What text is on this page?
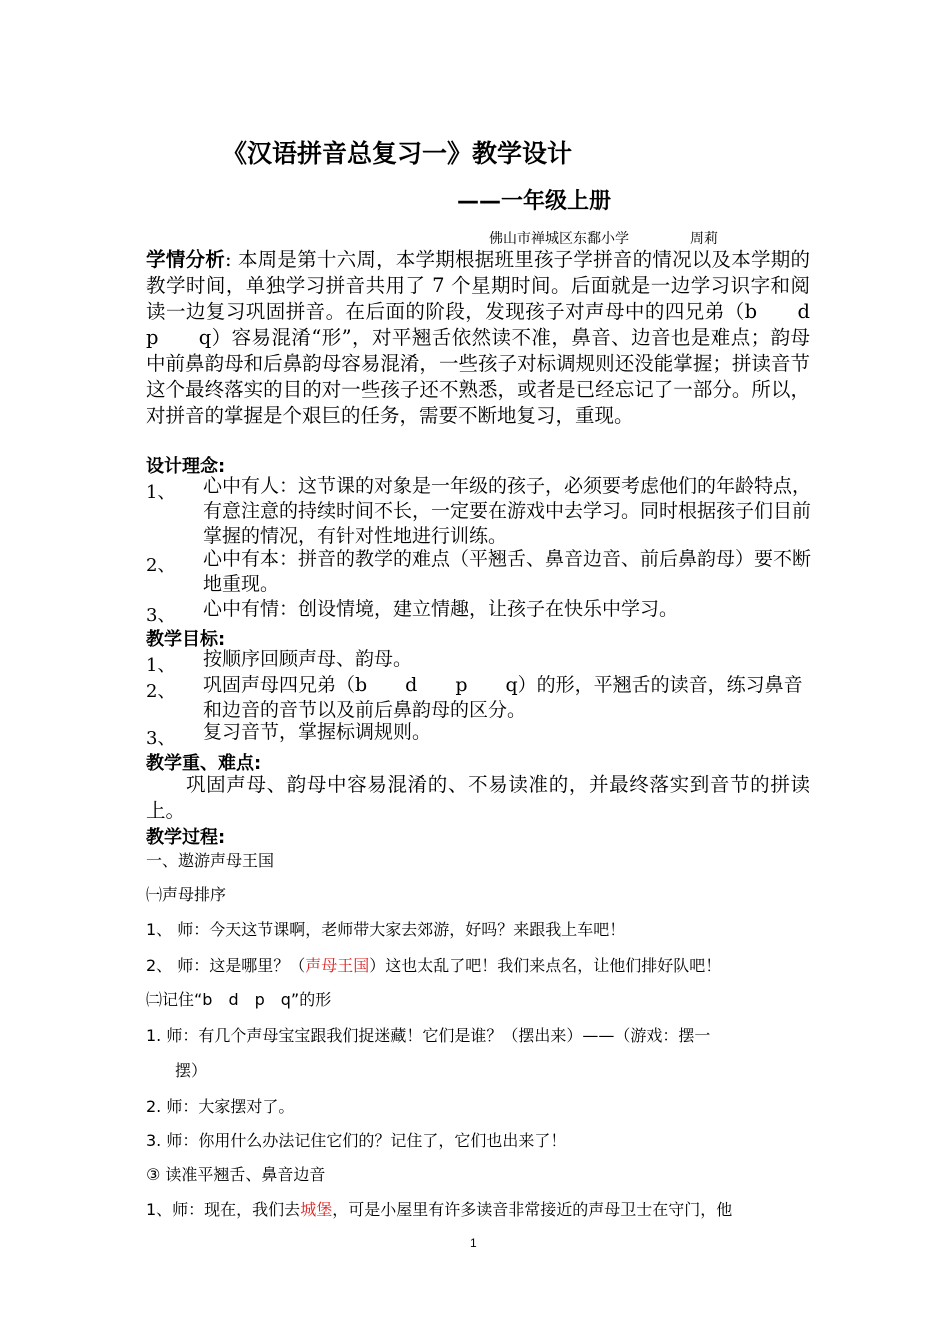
《汉语拼音总复习一》教学设计
——一年级上册
佛山市禅城区东鄱小学	周莉
学情分析: 本周是第十六周，本学期根据班里孩子学拼音的情况以及本学期的教学时间，单独学习拼音共用了 7 个星期时间。后面就是一边学习识字和阅读一边复习巩固拼音。在后面的阶段，发现孩子对声母中的四兄弟（b　　d　　p　　q）容易混淆“形”，对平翘舌依然读不准，鼻音、边音也是难点；韵母中前鼻韵母和后鼻韵母容易混淆，一些孩子对标调规则还没能掌握；拼读音节这个最终落实的目的对一些孩子还不熟悉，或者是已经忘记了一部分。所以，对拼音的掌握是个艰巨的任务，需要不断地复习，重现。
设计理念:
1、 心中有人：这节课的对象是一年级的孩子，必须要考虑他们的年龄特点，有意注意的持续时间不长，一定要在游戏中去学习。同时根据孩子们目前掌握的情况，有针对性地进行训练。
2、 心中有本：拼音的教学的难点（平翘舌、鼻音边音、前后鼻韵母）要不断地重现。
3、 心中有情：创设情境，建立情趣，让孩子在快乐中学习。
教学目标:
1、 按顺序回顾声母、韵母。
2、 巩固声母四兄弟（b　　d　　p　　q）的形，平翘舌的读音，练习鼻音和边音的音节以及前后鼻韵母的区分。
3、 复习音节，掌握标调规则。
教学重、难点:
巩固声母、韵母中容易混淆的、不易读准的，并最终落实到音节的拼读上。
教学过程:
一、遨游声母王国
㈠声母排序
1、 师：今天这节课啊，老师带大家去郊游，好吗？来跟我上车吧！
2、 师：这是哪里？（声母王国）这也太乱了吧！我们来点名，让他们排好队吧！
㈡记住“b　d　p　q”的形
1. 师：有几个声母宝宝跟我们捉迷藏！它们是谁？（摆出来）——（游戏：摆一
摆）
2. 师：大家摆对了。
3. 师：你用什么办法记住它们的？记住了，它们也出来了！
③ 读准平翘舌、鼻音边音
1、师：现在，我们去城堡，可是小屋里有许多读音非常接近的声母卫士在守门，他
1
